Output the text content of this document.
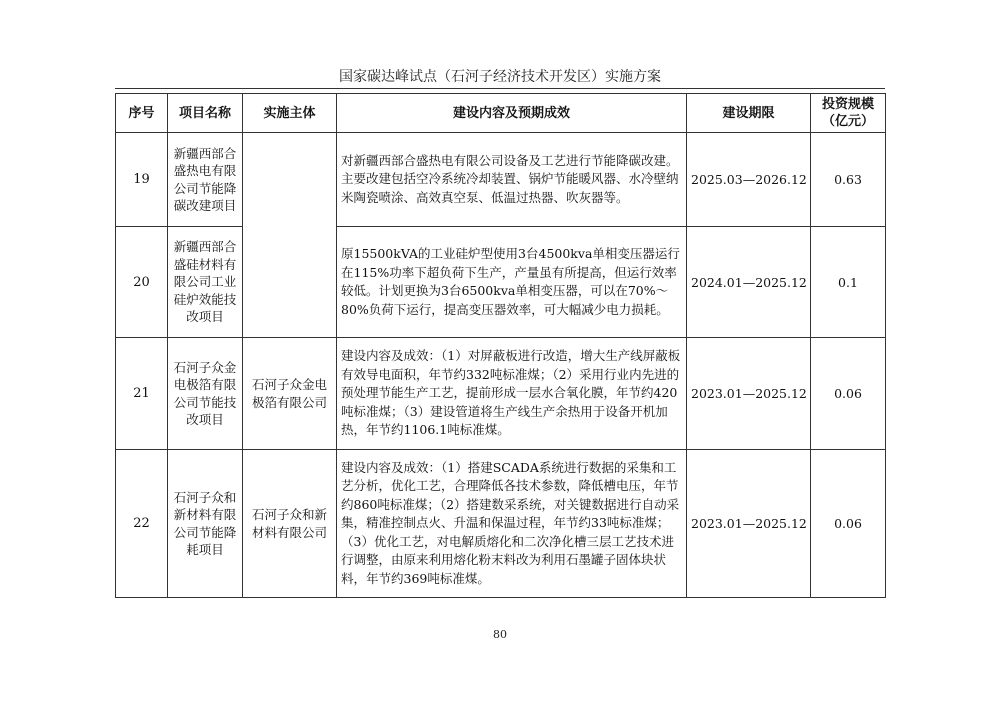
国家碳达峰试点（石河子经济技术开发区）实施方案
序号	项目名称	实施主体	建设内容及预期成效	建设期限	投资规模（亿元）
19	新疆西部合盛热电有限公司节能降碳改建项目		对新疆西部合盛热电有限公司设备及工艺进行节能降碳改建。主要改建包括空冷系统冷却装置、锅炉节能暖风器、水冷壁纳米陶瓷喷涂、高效真空泵、低温过热器、吹灰器等。	2025.03—2026.12	0.63
20	新疆西部合盛硅材料有限公司工业硅炉效能技改项目		原15500kVA的工业硅炉型使用3台4500kva单相变压器运行在115%功率下超负荷下生产，产量虽有所提高，但运行效率较低。计划更换为3台6500kva单相变压器，可以在70%～80%负荷下运行，提高变压器效率，可大幅减少电力损耗。	2024.01—2025.12	0.1
21	石河子众金电极箔有限公司节能技改项目	石河子众金电极箔有限公司	建设内容及成效：（1）对屏蔽板进行改造，增大生产线屏蔽板有效导电面积，年节约332吨标准煤；（2）采用行业内先进的预处理节能生产工艺，提前形成一层水合氧化膜，年节约420吨标准煤；（3）建设管道将生产线生产余热用于设备开机加热，年节约1106.1吨标准煤。	2023.01—2025.12	0.06
22	石河子众和新材料有限公司节能降耗项目	石河子众和新材料有限公司	建设内容及成效：（1）搭建SCADA系统进行数据的采集和工艺分析，优化工艺，合理降低各技术参数，降低槽电压，年节约860吨标准煤；（2）搭建数采系统，对关键数据进行自动采集，精准控制点火、升温和保温过程，年节约33吨标准煤；（3）优化工艺，对电解质熔化和二次净化槽三层工艺技术进行调整，由原来利用熔化粉末料改为利用石墨罐子固体块状料，年节约369吨标准煤。	2023.01—2025.12	0.06
80
